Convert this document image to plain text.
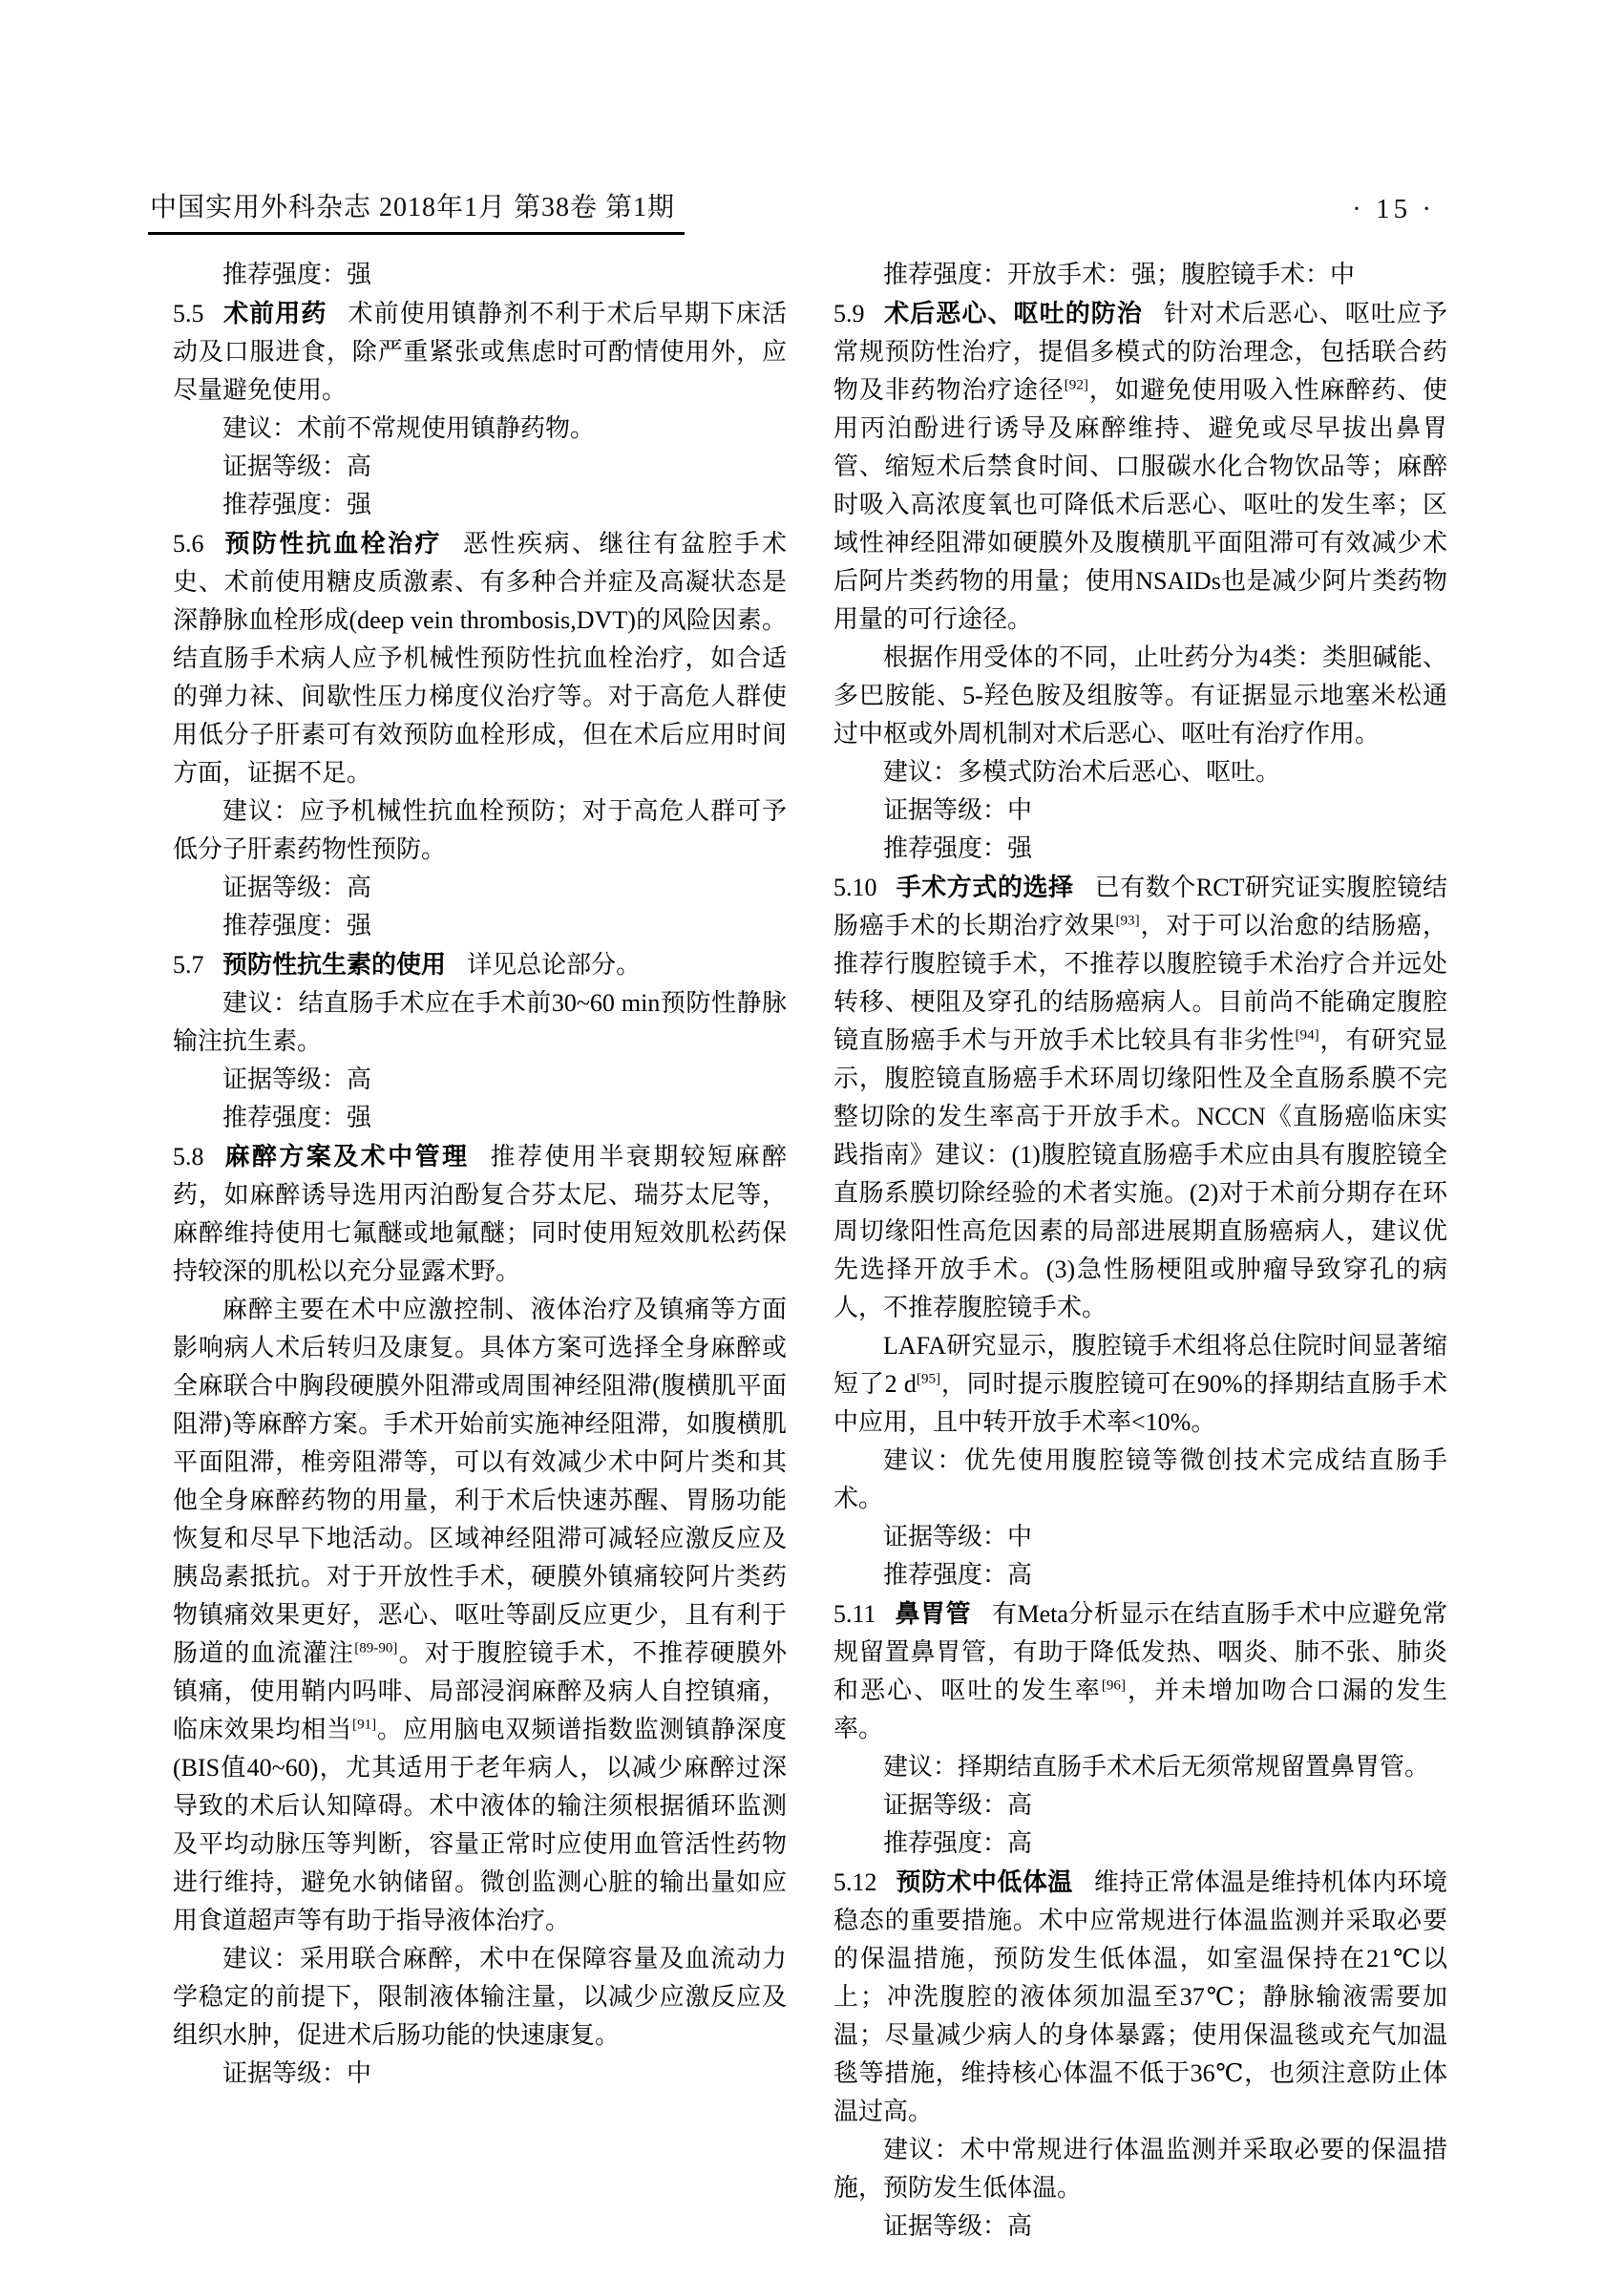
中国实用外科杂志 2018年1月 第38卷 第1期	· 15 ·
推荐强度：强
5.5 术前用药 术前使用镇静剂不利于术后早期下床活动及口服进食，除严重紧张或焦虑时可酌情使用外，应尽量避免使用。
建议：术前不常规使用镇静药物。
证据等级：高
推荐强度：强
5.6 预防性抗血栓治疗 恶性疾病、继往有盆腔手术史、术前使用糖皮质激素、有多种合并症及高凝状态是深静脉血栓形成(deep vein thrombosis,DVT)的风险因素。结直肠手术病人应予机械性预防性抗血栓治疗，如合适的弹力袜、间歇性压力梯度仪治疗等。对于高危人群使用低分子肝素可有效预防血栓形成，但在术后应用时间方面，证据不足。
建议：应予机械性抗血栓预防；对于高危人群可予低分子肝素药物性预防。
证据等级：高
推荐强度：强
5.7 预防性抗生素的使用 详见总论部分。
建议：结直肠手术应在手术前30~60 min预防性静脉输注抗生素。
证据等级：高
推荐强度：强
5.8 麻醉方案及术中管理 推荐使用半衰期较短麻醉药，如麻醉诱导选用丙泊酚复合芬太尼、瑞芬太尼等，麻醉维持使用七氟醚或地氟醚；同时使用短效肌松药保持较深的肌松以充分显露术野。
麻醉主要在术中应激控制、液体治疗及镇痛等方面影响病人术后转归及康复。具体方案可选择全身麻醉或全麻联合中胸段硬膜外阻滞或周围神经阻滞(腹横肌平面阻滞)等麻醉方案。手术开始前实施神经阻滞，如腹横肌平面阻滞，椎旁阻滞等，可以有效减少术中阿片类和其他全身麻醉药物的用量，利于术后快速苏醒、胃肠功能恢复和尽早下地活动。区域神经阻滞可减轻应激反应及胰岛素抵抗。对于开放性手术，硬膜外镇痛较阿片类药物镇痛效果更好，恶心、呕吐等副反应更少，且有利于肠道的血流灌注[89-90]。对于腹腔镜手术，不推荐硬膜外镇痛，使用鞘内吗啡、局部浸润麻醉及病人自控镇痛，临床效果均相当[91]。应用脑电双频谱指数监测镇静深度(BIS值40~60)，尤其适用于老年病人，以减少麻醉过深导致的术后认知障碍。术中液体的输注须根据循环监测及平均动脉压等判断，容量正常时应使用血管活性药物进行维持，避免水钠储留。微创监测心脏的输出量如应用食道超声等有助于指导液体治疗。
建议：采用联合麻醉，术中在保障容量及血流动力学稳定的前提下，限制液体输注量，以减少应激反应及组织水肿，促进术后肠功能的快速康复。
证据等级：中
推荐强度：开放手术：强；腹腔镜手术：中
5.9 术后恶心、呕吐的防治 针对术后恶心、呕吐应予常规预防性治疗，提倡多模式的防治理念，包括联合药物及非药物治疗途径[92]，如避免使用吸入性麻醉药、使用丙泊酚进行诱导及麻醉维持、避免或尽早拔出鼻胃管、缩短术后禁食时间、口服碳水化合物饮品等；麻醉时吸入高浓度氧也可降低术后恶心、呕吐的发生率；区域性神经阻滞如硬膜外及腹横肌平面阻滞可有效减少术后阿片类药物的用量；使用NSAIDs也是减少阿片类药物用量的可行途径。
根据作用受体的不同，止吐药分为4类：类胆碱能、多巴胺能、5-羟色胺及组胺等。有证据显示地塞米松通过中枢或外周机制对术后恶心、呕吐有治疗作用。
建议：多模式防治术后恶心、呕吐。
证据等级：中
推荐强度：强
5.10 手术方式的选择 已有数个RCT研究证实腹腔镜结肠癌手术的长期治疗效果[93]，对于可以治愈的结肠癌，推荐行腹腔镜手术，不推荐以腹腔镜手术治疗合并远处转移、梗阻及穿孔的结肠癌病人。目前尚不能确定腹腔镜直肠癌手术与开放手术比较具有非劣性[94]，有研究显示，腹腔镜直肠癌手术环周切缘阳性及全直肠系膜不完整切除的发生率高于开放手术。NCCN《直肠癌临床实践指南》建议：(1)腹腔镜直肠癌手术应由具有腹腔镜全直肠系膜切除经验的术者实施。(2)对于术前分期存在环周切缘阳性高危因素的局部进展期直肠癌病人，建议优先选择开放手术。(3)急性肠梗阻或肿瘤导致穿孔的病人，不推荐腹腔镜手术。
LAFA研究显示，腹腔镜手术组将总住院时间显著缩短了2 d[95]，同时提示腹腔镜可在90%的择期结直肠手术中应用，且中转开放手术率<10%。
建议：优先使用腹腔镜等微创技术完成结直肠手术。
证据等级：中
推荐强度：高
5.11 鼻胃管 有Meta分析显示在结直肠手术中应避免常规留置鼻胃管，有助于降低发热、咽炎、肺不张、肺炎和恶心、呕吐的发生率[96]，并未增加吻合口漏的发生率。
建议：择期结直肠手术术后无须常规留置鼻胃管。
证据等级：高
推荐强度：高
5.12 预防术中低体温 维持正常体温是维持机体内环境稳态的重要措施。术中应常规进行体温监测并采取必要的保温措施，预防发生低体温，如室温保持在21℃以上；冲洗腹腔的液体须加温至37℃；静脉输液需要加温；尽量减少病人的身体暴露；使用保温毯或充气加温毯等措施，维持核心体温不低于36℃，也须注意防止体温过高。
建议：术中常规进行体温监测并采取必要的保温措施，预防发生低体温。
证据等级：高
